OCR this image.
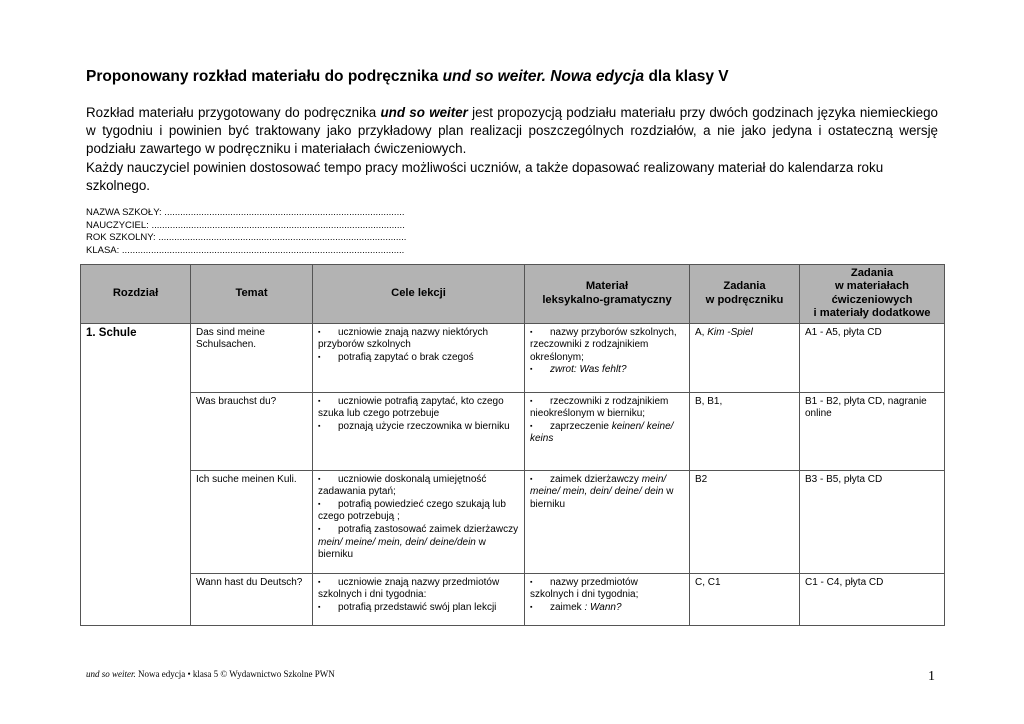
Proponowany rozkład materiału do podręcznika und so weiter. Nowa edycja dla klasy V

Rozkład materiału przygotowany do podręcznika und so weiter jest propozycją podziału materiału przy dwóch godzinach języka niemieckiego w tygodniu i powinien być traktowany jako przykładowy plan realizacji poszczególnych rozdziałów, a nie jako jedyna i ostateczną wersję podziału zawartego w podręczniku i materiałach ćwiczeniowych.

Każdy nauczyciel powinien dostosować tempo pracy możliwości uczniów, a także dopasować realizowany materiał do kalendarza roku szkolnego.

NAZWA SZKOŁY: ...........................................................................................
NAUCZYCIEL: ................................................................................................
ROK SZKOLNY: ..............................................................................................
KLASA: ...........................................................................................................
Rozdział	Temat	Cele lekcji	Materiał
leksykalno-gramatyczny	Zadania
w podręczniku	Zadania
w materiałach
ćwiczeniowych
i materiały dodatkowe

1. Schule	Das sind meine Schulsachen.	▪ uczniowie znają nazwy niektórych przyborów szkolnych
▪ potrafią zapytać o brak czegoś	▪ nazwy przyborów szkolnych, rzeczowniki z rodzajnikiem określonym;
▪ zwrot: Was fehlt?	A, Kim -Spiel	A1 - A5, płyta CD
	Was brauchst du?	▪ uczniowie potrafią zapytać, kto czego szuka lub czego potrzebuje
▪ poznają użycie rzeczownika w bierniku	▪ rzeczowniki z rodzajnikiem nieokreślonym w bierniku;
▪ zaprzeczenie keinen/ keine/ keins	B, B1,	B1 - B2, płyta CD, nagranie online
	Ich suche meinen Kuli.	▪ uczniowie doskonalą umiejętność zadawania pytań;
▪ potrafią powiedzieć czego szukają lub czego potrzebują ;
▪ potrafią zastosować zaimek dzierżawczy mein/ meine/ mein, dein/ deine/dein w bierniku	▪ zaimek dzierżawczy mein/ meine/ mein, dein/ deine/ dein w bierniku	B2	B3 - B5, płyta CD
	Wann hast du Deutsch?	▪ uczniowie znają nazwy przedmiotów szkolnych i dni tygodnia:
▪ potrafią przedstawić swój plan lekcji	▪ nazwy przedmiotów szkolnych i dni tygodnia;
▪ zaimek : Wann?	C, C1	C1 - C4, płyta CD
und so weiter. Nowa edycja • klasa 5 © Wydawnictwo Szkolne PWN	1
